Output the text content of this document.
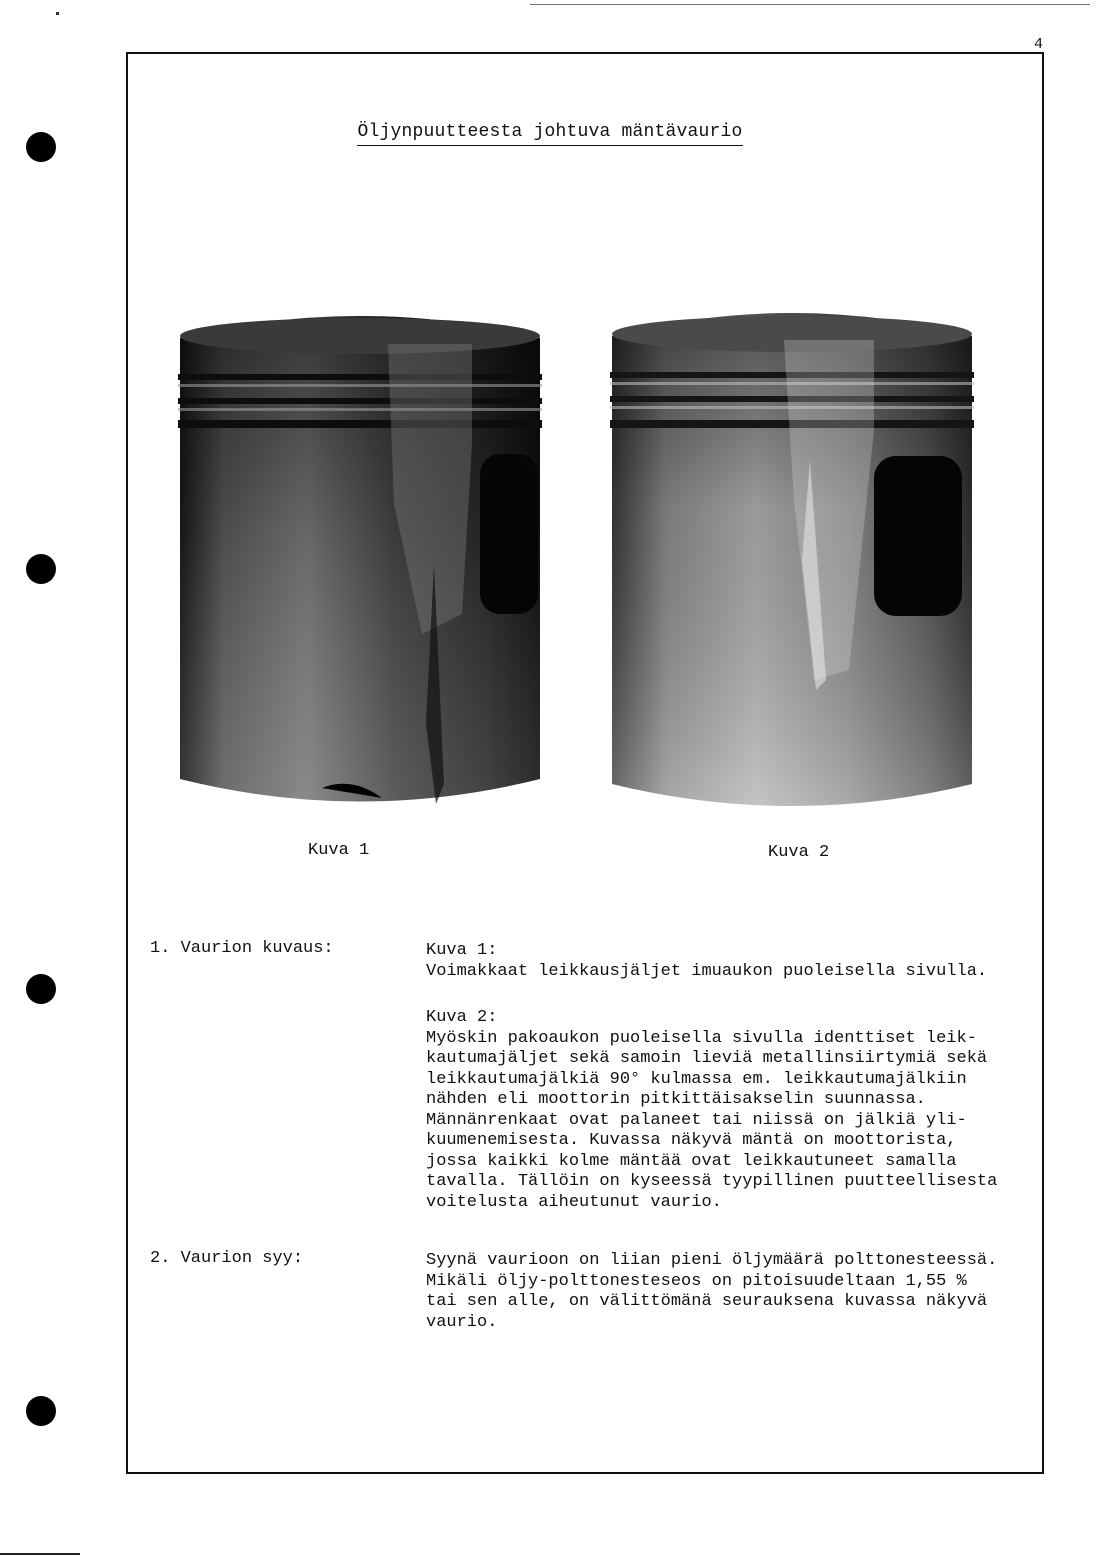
4
Öljynpuutteesta johtuva mäntävaurio
Kuva 1	Kuva 2
1. Vaurion kuvaus:	Kuva 1:

Voimakkaat leikkausjäljet imuaukon puoleisella sivulla.

Kuva 2:

Myöskin pakoaukon puoleisella sivulla identtiset leik-

kautumajäljet sekä samoin lieviä metallinsiirtymiä sekä

leikkautumajälkiä 90° kulmassa em. leikkautumajälkiin

nähden eli moottorin pitkittäisakselin suunnassa.

Männänrenkaat ovat palaneet tai niissä on jälkiä yli-

kuumenemisesta. Kuvassa näkyvä mäntä on moottorista,

jossa kaikki kolme mäntää ovat leikkautuneet samalla

tavalla. Tällöin on kyseessä tyypillinen puutteellisesta

voitelusta aiheutunut vaurio.

2. Vaurion syy:	Syynä vaurioon on liian pieni öljymäärä polttonesteessä.

Mikäli öljy-polttonesteseos on pitoisuudeltaan 1,55 %

tai sen alle, on välittömänä seurauksena kuvassa näkyvä

vaurio.
